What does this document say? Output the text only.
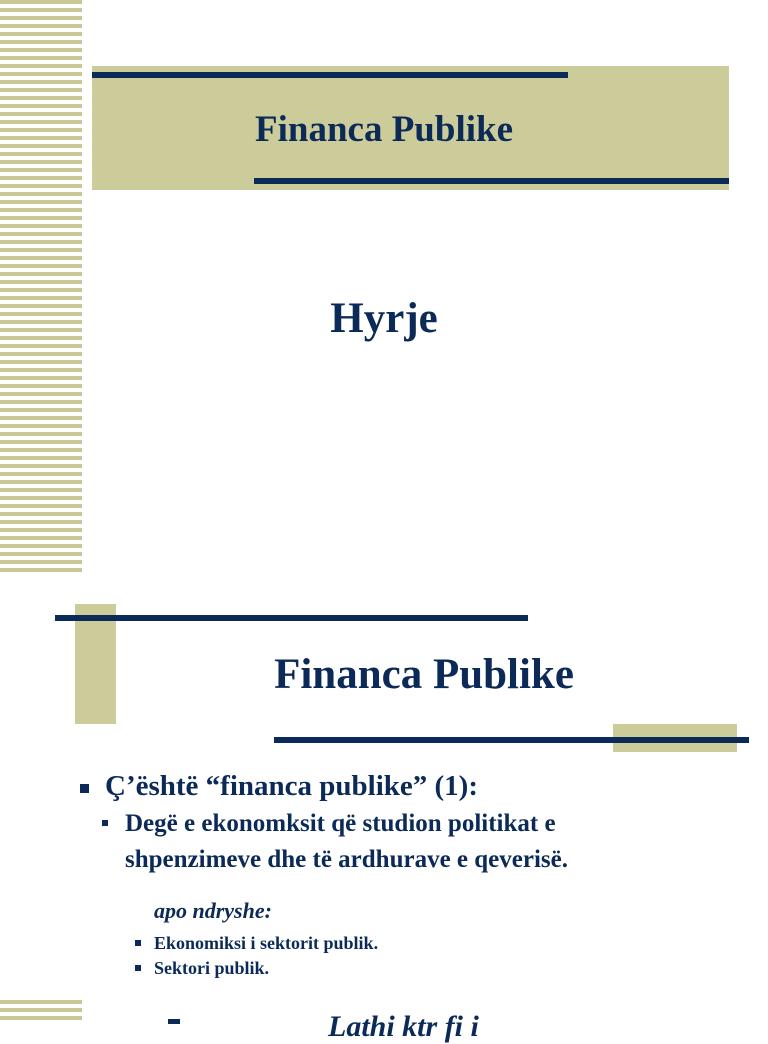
Financa Publike
Hyrje
Financa Publike
Ç’është “financa publike” (1):
Degë e ekonomksit që studion politikat e
shpenzimeve dhe të ardhurave e qeverisë.
apo ndryshe:
Ekonomiksi i sektorit publik.
Sektori publik.
Lathi ktr fi i
